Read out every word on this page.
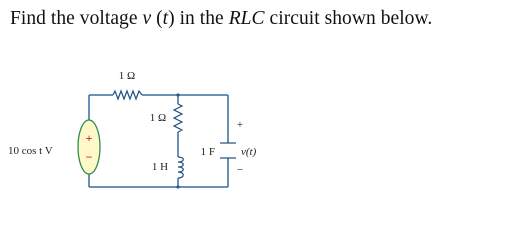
Find the voltage v (t) in the RLC circuit shown below.
1 Ω
1 Ω
1 H
1 F
+
v(t)
−
+
−
10 cos t V
